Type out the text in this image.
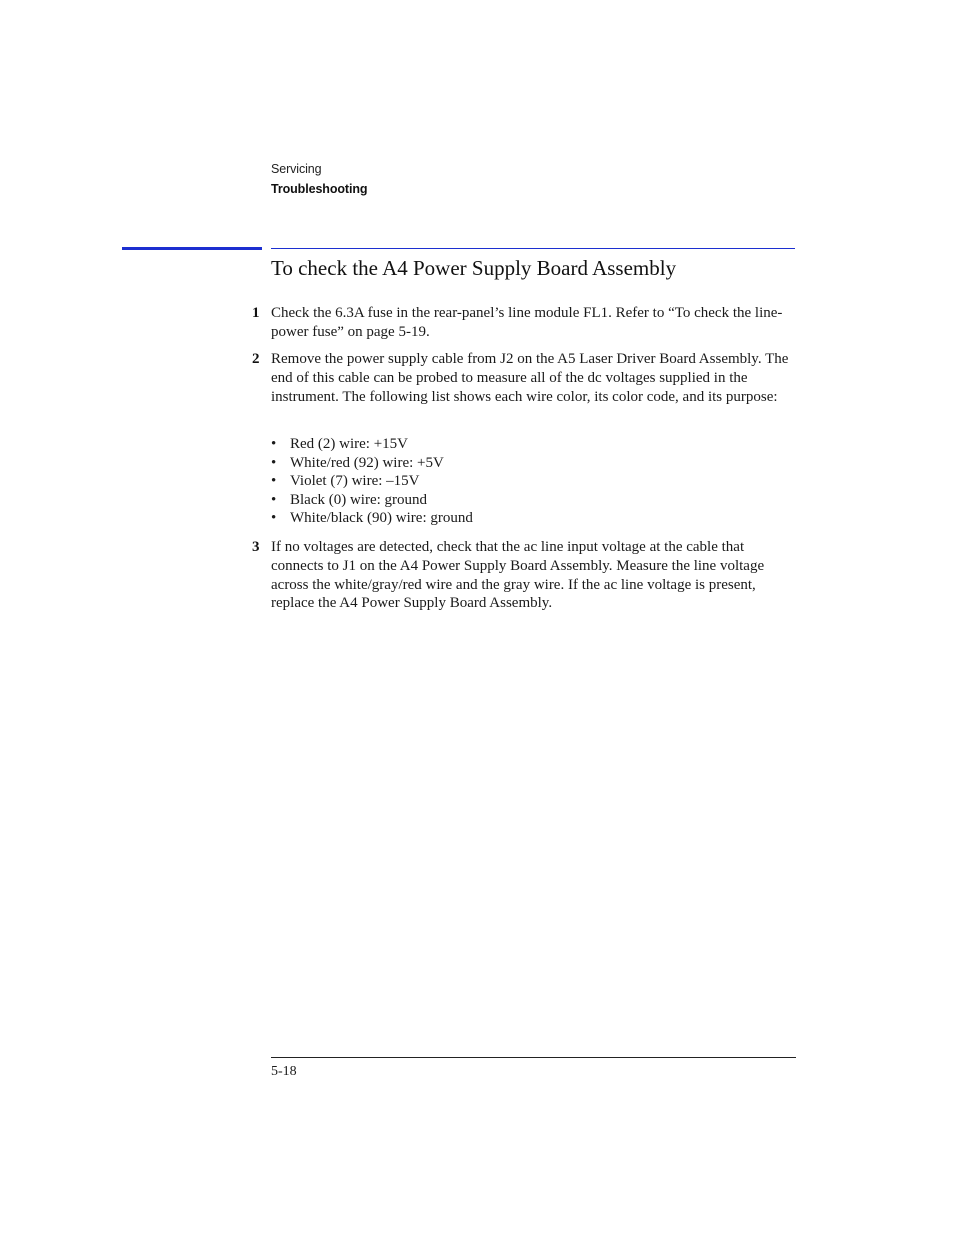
Servicing
Troubleshooting
To check the A4 Power Supply Board Assembly
1 Check the 6.3A fuse in the rear-panel’s line module FL1. Refer to “To check the line-power fuse” on page 5-19.

2 Remove the power supply cable from J2 on the A5 Laser Driver Board Assembly. The end of this cable can be probed to measure all of the dc voltages supplied in the instrument. The following list shows each wire color, its color code, and its purpose:

• Red (2) wire: +15V
• White/red (92) wire: +5V
• Violet (7) wire: –15V
• Black (0) wire: ground
• White/black (90) wire: ground
3 If no voltages are detected, check that the ac line input voltage at the cable that connects to J1 on the A4 Power Supply Board Assembly. Measure the line voltage across the white/gray/red wire and the gray wire. If the ac line voltage is present, replace the A4 Power Supply Board Assembly.

5-18
